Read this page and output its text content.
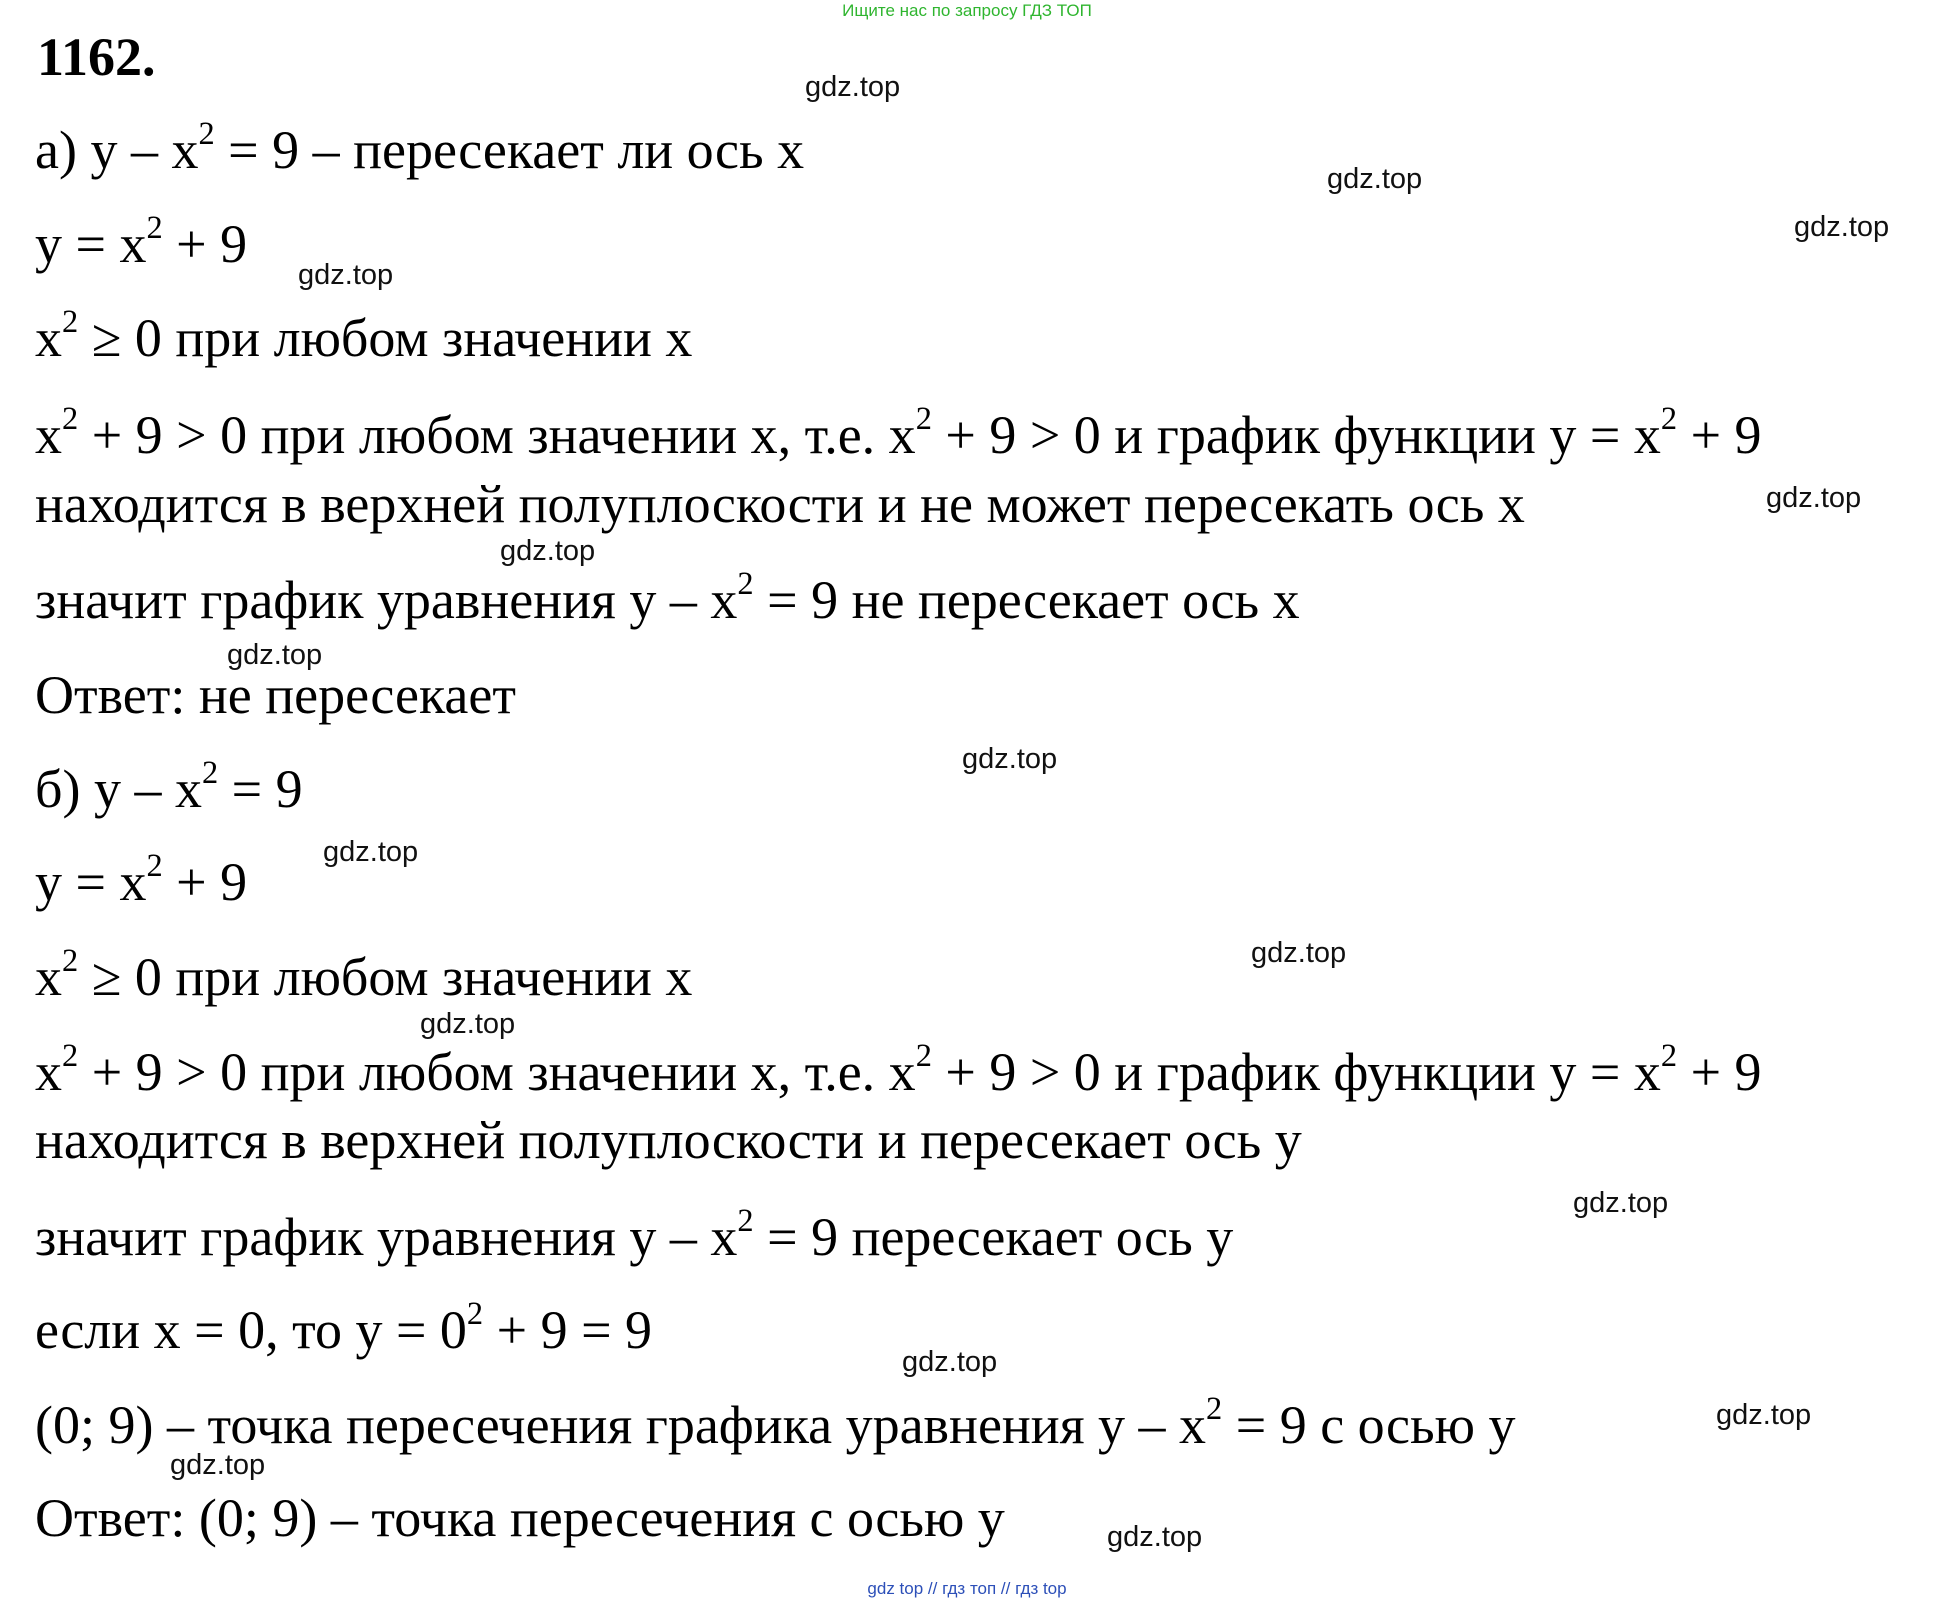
Ищите нас по запросу ГДЗ ТОП
1162.
а) $y - x^2 = 9$ – пересекает ли ось x
$y = x^2 + 9$
$x^2 \ge 0$ при любом значении x
$x^2 + 9 > 0$ при любом значении x, т.е. $x^2 + 9 > 0$ и график функции $y = x^2 + 9$
находится в верхней полуплоскости и не может пересекать ось x
значит график уравнения $y - x^2 = 9$ не пересекает ось x
Ответ: не пересекает
б) $y - x^2 = 9$
$y = x^2 + 9$
$x^2 \ge 0$ при любом значении x
$x^2 + 9 > 0$ при любом значении x, т.е. $x^2 + 9 > 0$ и график функции $y = x^2 + 9$
находится в верхней полуплоскости и пересекает ось y
значит график уравнения $y - x^2 = 9$ пересекает ось y
если x = 0, то $y = 0^2 + 9 = 9$
(0; 9) – точка пересечения графика уравнения $y - x^2 = 9$ с осью y
Ответ: (0; 9) – точка пересечения с осью y
gdz.top
gdz.top
gdz.top
gdz.top
gdz.top
gdz.top
gdz.top
gdz.top
gdz.top
gdz.top
gdz.top
gdz.top
gdz.top
gdz.top
gdz.top
gdz.top
gdz top // гдз топ // гдз top
